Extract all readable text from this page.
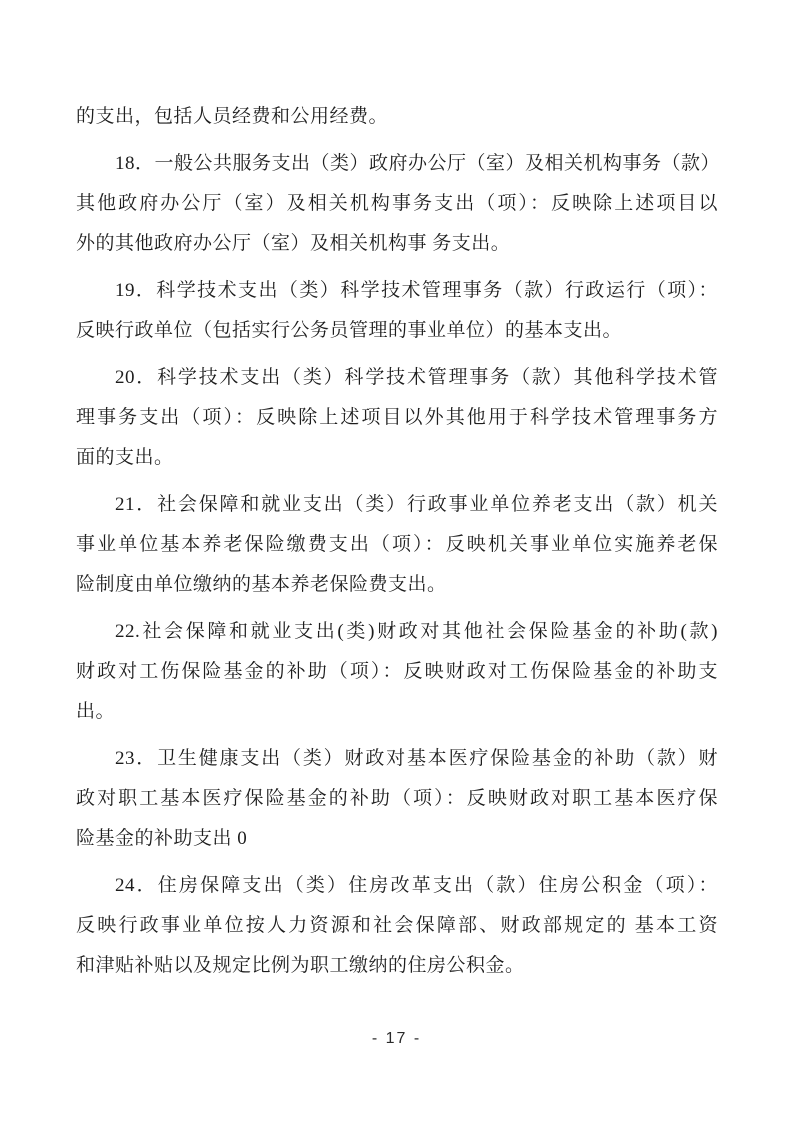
的支出，包括人员经费和公用经费。
18．一般公共服务支出（类）政府办公厅（室）及相关机构事务（款）
其他政府办公厅（室）及相关机构事务支出（项）：反映除上述项目以
外的其他政府办公厅（室）及相关机构事 务支出。
19．科学技术支出（类）科学技术管理事务（款）行政运行（项）：
反映行政单位（包括实行公务员管理的事业单位）的基本支出。
20．科学技术支出（类）科学技术管理事务（款）其他科学技术管
理事务支出（项）：反映除上述项目以外其他用于科学技术管理事务方
面的支出。
21．社会保障和就业支出（类）行政事业单位养老支出（款）机关
事业单位基本养老保险缴费支出（项）：反映机关事业单位实施养老保
险制度由单位缴纳的基本养老保险费支出。
22.社会保障和就业支出(类)财政对其他社会保险基金的补助(款)
财政对工伤保险基金的补助（项）：反映财政对工伤保险基金的补助支
出。
23．卫生健康支出（类）财政对基本医疗保险基金的补助（款）财
政对职工基本医疗保险基金的补助（项）：反映财政对职工基本医疗保
险基金的补助支出 0
24．住房保障支出（类）住房改革支出（款）住房公积金（项）：
反映行政事业单位按人力资源和社会保障部、财政部规定的 基本工资
和津贴补贴以及规定比例为职工缴纳的住房公积金。
- 17 -
